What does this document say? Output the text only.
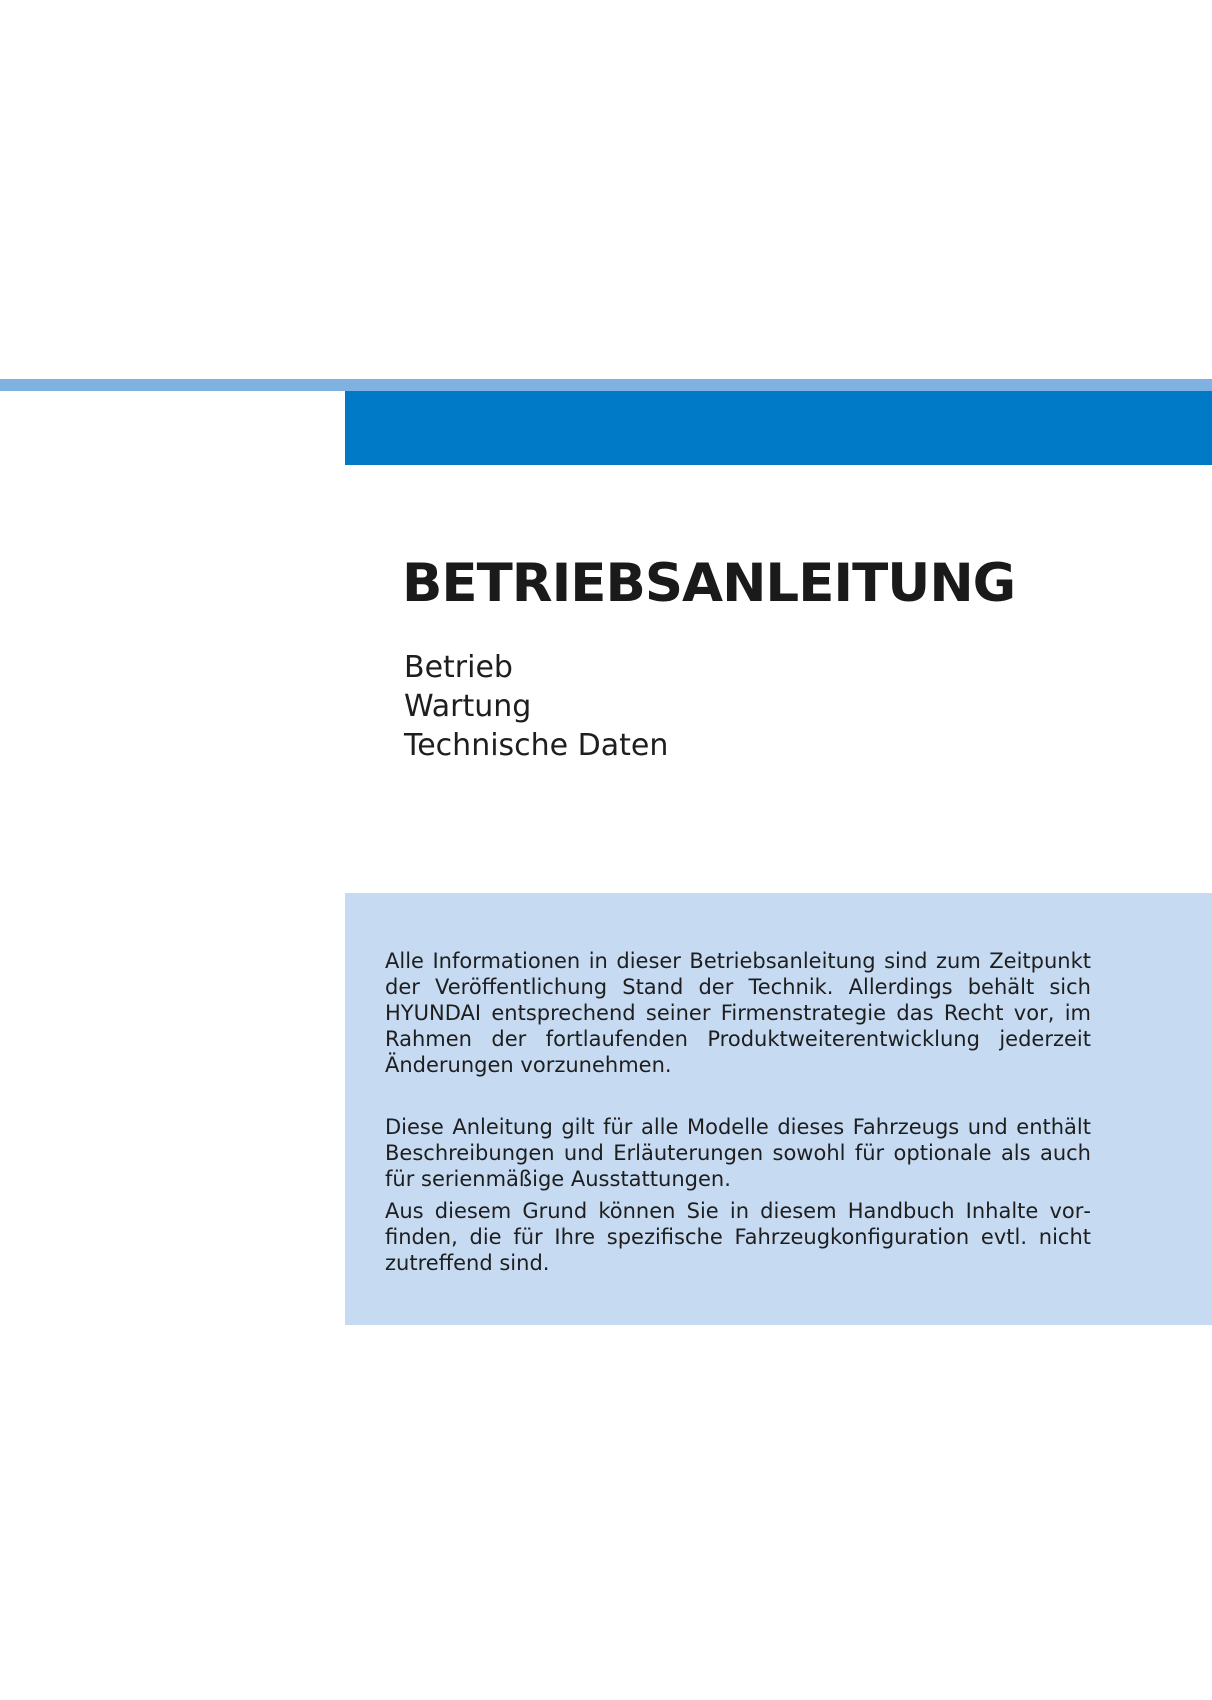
BETRIEBSANLEITUNG
Betrieb
Wartung
Technische Daten

Alle Informationen in dieser Betriebsanleitung sind zum Zeitpunkt der Veröffentlichung Stand der Technik. Allerdings behält sich HYUNDAI entsprechend seiner Firmenstrategie das Recht vor, im Rahmen der fortlaufenden Produktweiterentwicklung jederzeit Änderungen vorzunehmen.

Diese Anleitung gilt für alle Modelle dieses Fahrzeugs und enthält Beschreibungen und Erläuterungen sowohl für optionale als auch für serienmäßige Ausstattungen.

Aus diesem Grund können Sie in diesem Handbuch Inhalte vorfinden, die für Ihre spezifische Fahrzeugkonfiguration evtl. nicht zutreffend sind.
